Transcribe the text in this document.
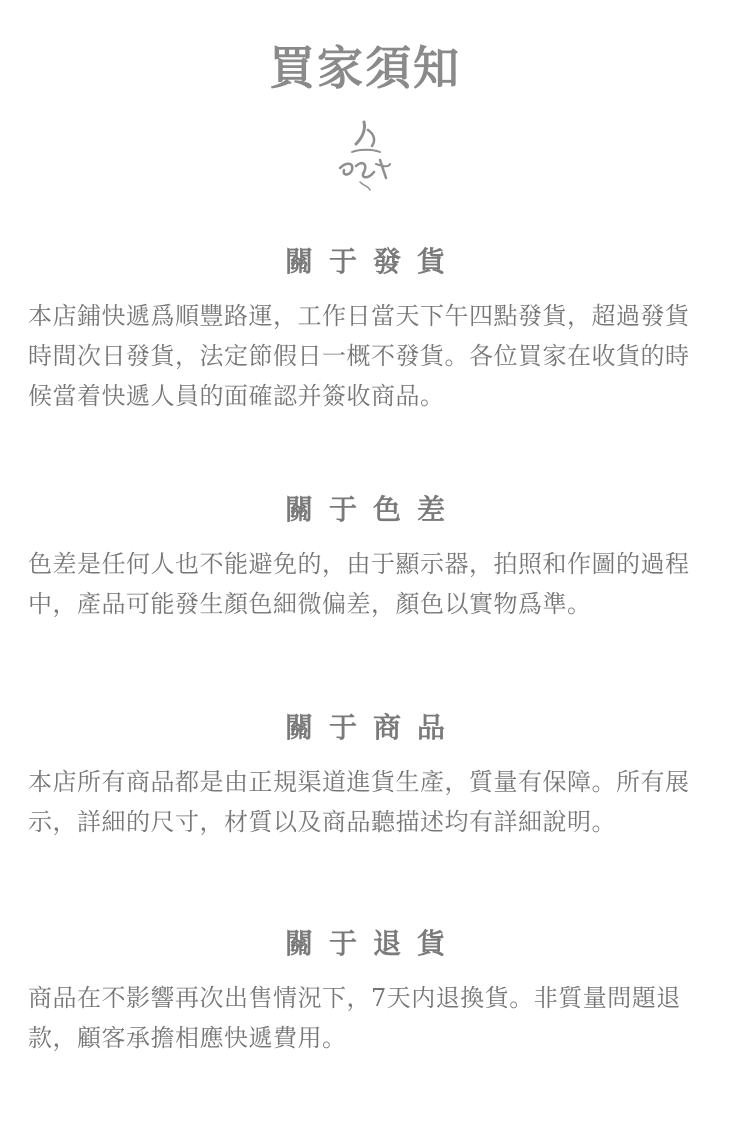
買家須知
關于發貨
本店鋪快遞爲順豐路運，工作日當天下午四點發貨，超過發貨時間次日發貨，法定節假日一概不發貨。各位買家在收貨的時候當着快遞人員的面確認并簽收商品。
關于色差
色差是任何人也不能避免的，由于顯示器，拍照和作圖的過程中，產品可能發生顏色細微偏差，顏色以實物爲準。
關于商品
本店所有商品都是由正規渠道進貨生產，質量有保障。所有展示，詳細的尺寸，材質以及商品聽描述均有詳細說明。
關于退貨
商品在不影響再次出售情況下，7天内退換貨。非質量問題退款，顧客承擔相應快遞費用。
